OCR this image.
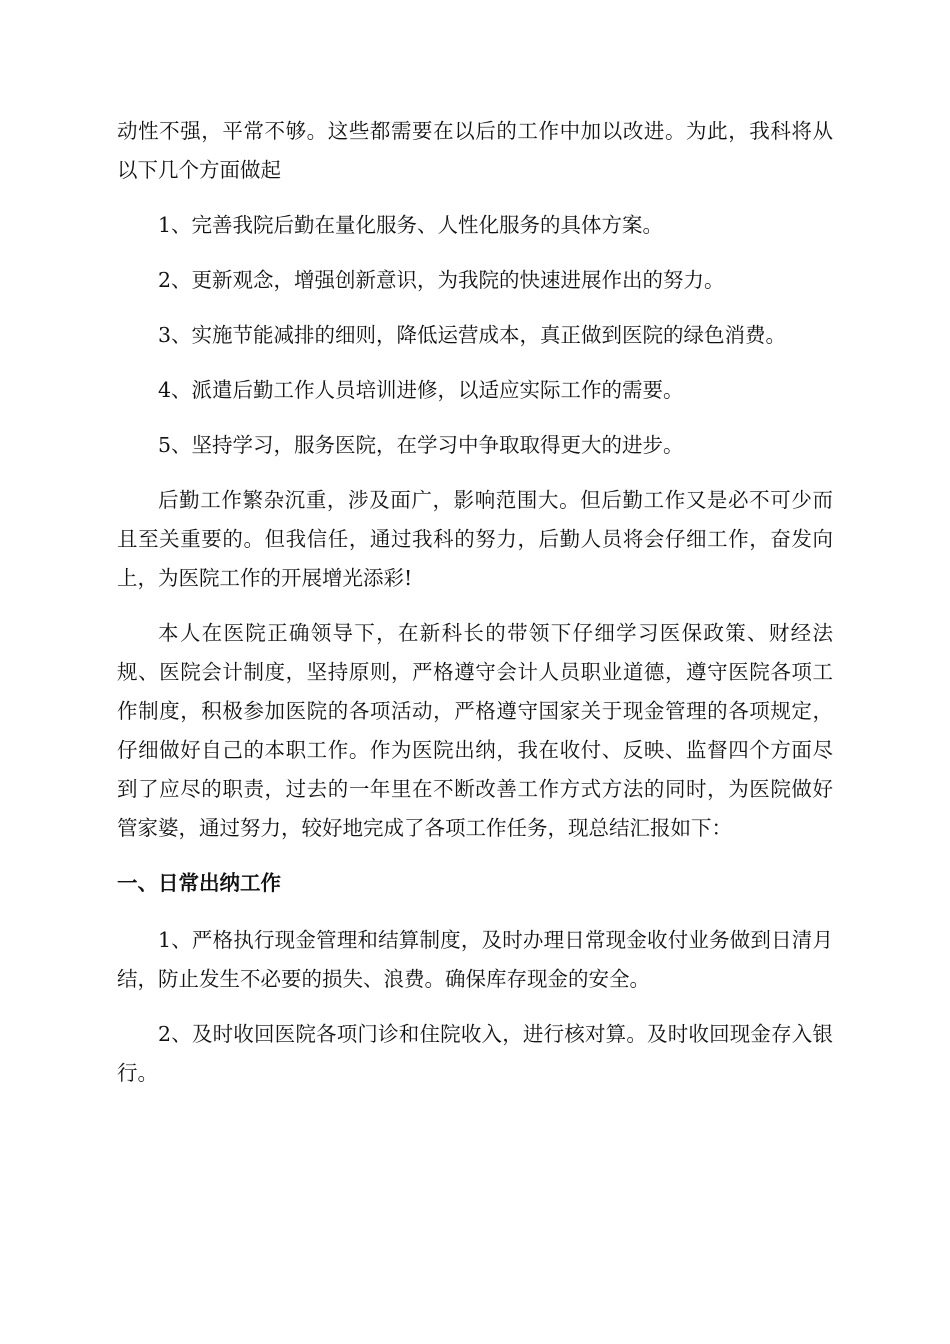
动性不强，平常不够。这些都需要在以后的工作中加以改进。为此，我科将从以下几个方面做起

1、完善我院后勤在量化服务、人性化服务的具体方案。

2、更新观念，增强创新意识，为我院的快速进展作出的努力。

3、实施节能减排的细则，降低运营成本，真正做到医院的绿色消费。

4、派遣后勤工作人员培训进修，以适应实际工作的需要。

5、坚持学习，服务医院，在学习中争取取得更大的进步。

后勤工作繁杂沉重，涉及面广，影响范围大。但后勤工作又是必不可少而且至关重要的。但我信任，通过我科的努力，后勤人员将会仔细工作，奋发向上，为医院工作的开展增光添彩!

本人在医院正确领导下，在新科长的带领下仔细学习医保政策、财经法规、医院会计制度，坚持原则，严格遵守会计人员职业道德，遵守医院各项工作制度，积极参加医院的各项活动，严格遵守国家关于现金管理的各项规定，仔细做好自己的本职工作。作为医院出纳，我在收付、反映、监督四个方面尽到了应尽的职责，过去的一年里在不断改善工作方式方法的同时，为医院做好管家婆，通过努力，较好地完成了各项工作任务，现总结汇报如下：

一、日常出纳工作

1、严格执行现金管理和结算制度，及时办理日常现金收付业务做到日清月结，防止发生不必要的损失、浪费。确保库存现金的安全。

2、及时收回医院各项门诊和住院收入，进行核对算。及时收回现金存入银行。
